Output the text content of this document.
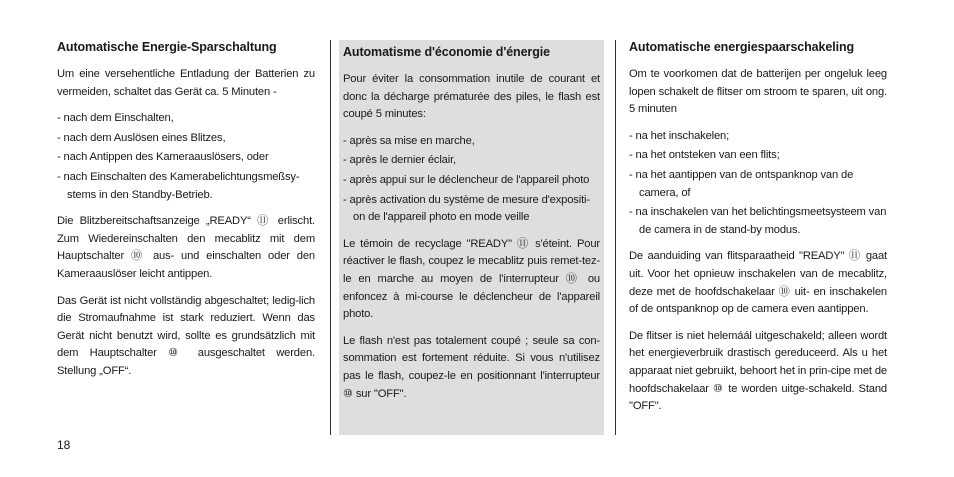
Automatische Energie-Sparschaltung

Um eine versehentliche Entladung der Batterien zu vermeiden, schaltet das Gerät ca. 5 Minuten -

- nach dem Einschalten,
- nach dem Auslösen eines Blitzes,
- nach Antippen des Kameraauslösers, oder
- nach Einschalten des Kamerabelichtungsmeßsy-stems in den Standby-Betrieb.

Die Blitzbereitschaftsanzeige „READY“ ⑪ erlischt. Zum Wiedereinschalten den mecablitz mit dem Hauptschalter ⑩ aus- und einschalten oder den Kameraauslöser leicht antippen.

Das Gerät ist nicht vollständig abgeschaltet; ledig-lich die Stromaufnahme ist stark reduziert. Wenn das Gerät nicht benutzt wird, sollte es grundsätzlich mit dem Hauptschalter ⑩ ausgeschaltet werden. Stellung „OFF“.

Automatisme d'économie d'énergie

Pour éviter la consommation inutile de courant et donc la décharge prématurée des piles, le flash est coupé 5 minutes:

- après sa mise en marche,
- après le dernier éclair,
- après appui sur le déclencheur de l'appareil photo
- après activation du système de mesure d'expositi-on de l'appareil photo en mode veille

Le témoin de recyclage "READY" ⑪ s'éteint. Pour réactiver le flash, coupez le mecablitz puis remet-tez-le en marche au moyen de l'interrupteur ⑩ ou enfoncez à mi-course le déclencheur de l'appareil photo.

Le flash n'est pas totalement coupé ; seule sa con-sommation est fortement réduite. Si vous n'utilisez pas le flash, coupez-le en positionnant l'interrupteur ⑩ sur "OFF".

Automatische energiespaarschakeling

Om te voorkomen dat de batterijen per ongeluk leeg lopen schakelt de flitser om stroom te sparen, uit ong. 5 minuten

- na het inschakelen;
- na het ontsteken van een flits;
- na het aantippen van de ontspanknop van de camera, of
- na inschakelen van het belichtingsmeetsysteem van de camera in de stand-by modus.

De aanduiding van flitsparaatheid "READY" ⑪ gaat uit. Voor het opnieuw inschakelen van de mecablitz, deze met de hoofdschakelaar ⑩ uit- en inschakelen of de ontspanknop op de camera even aantippen.

De flitser is niet helemáál uitgeschakeld; alleen wordt het energieverbruik drastisch gereduceerd. Als u het apparaat niet gebruikt, behoort het in prin-cipe met de hoofdschakelaar ⑩ te worden uitge-schakeld. Stand "OFF".

18
